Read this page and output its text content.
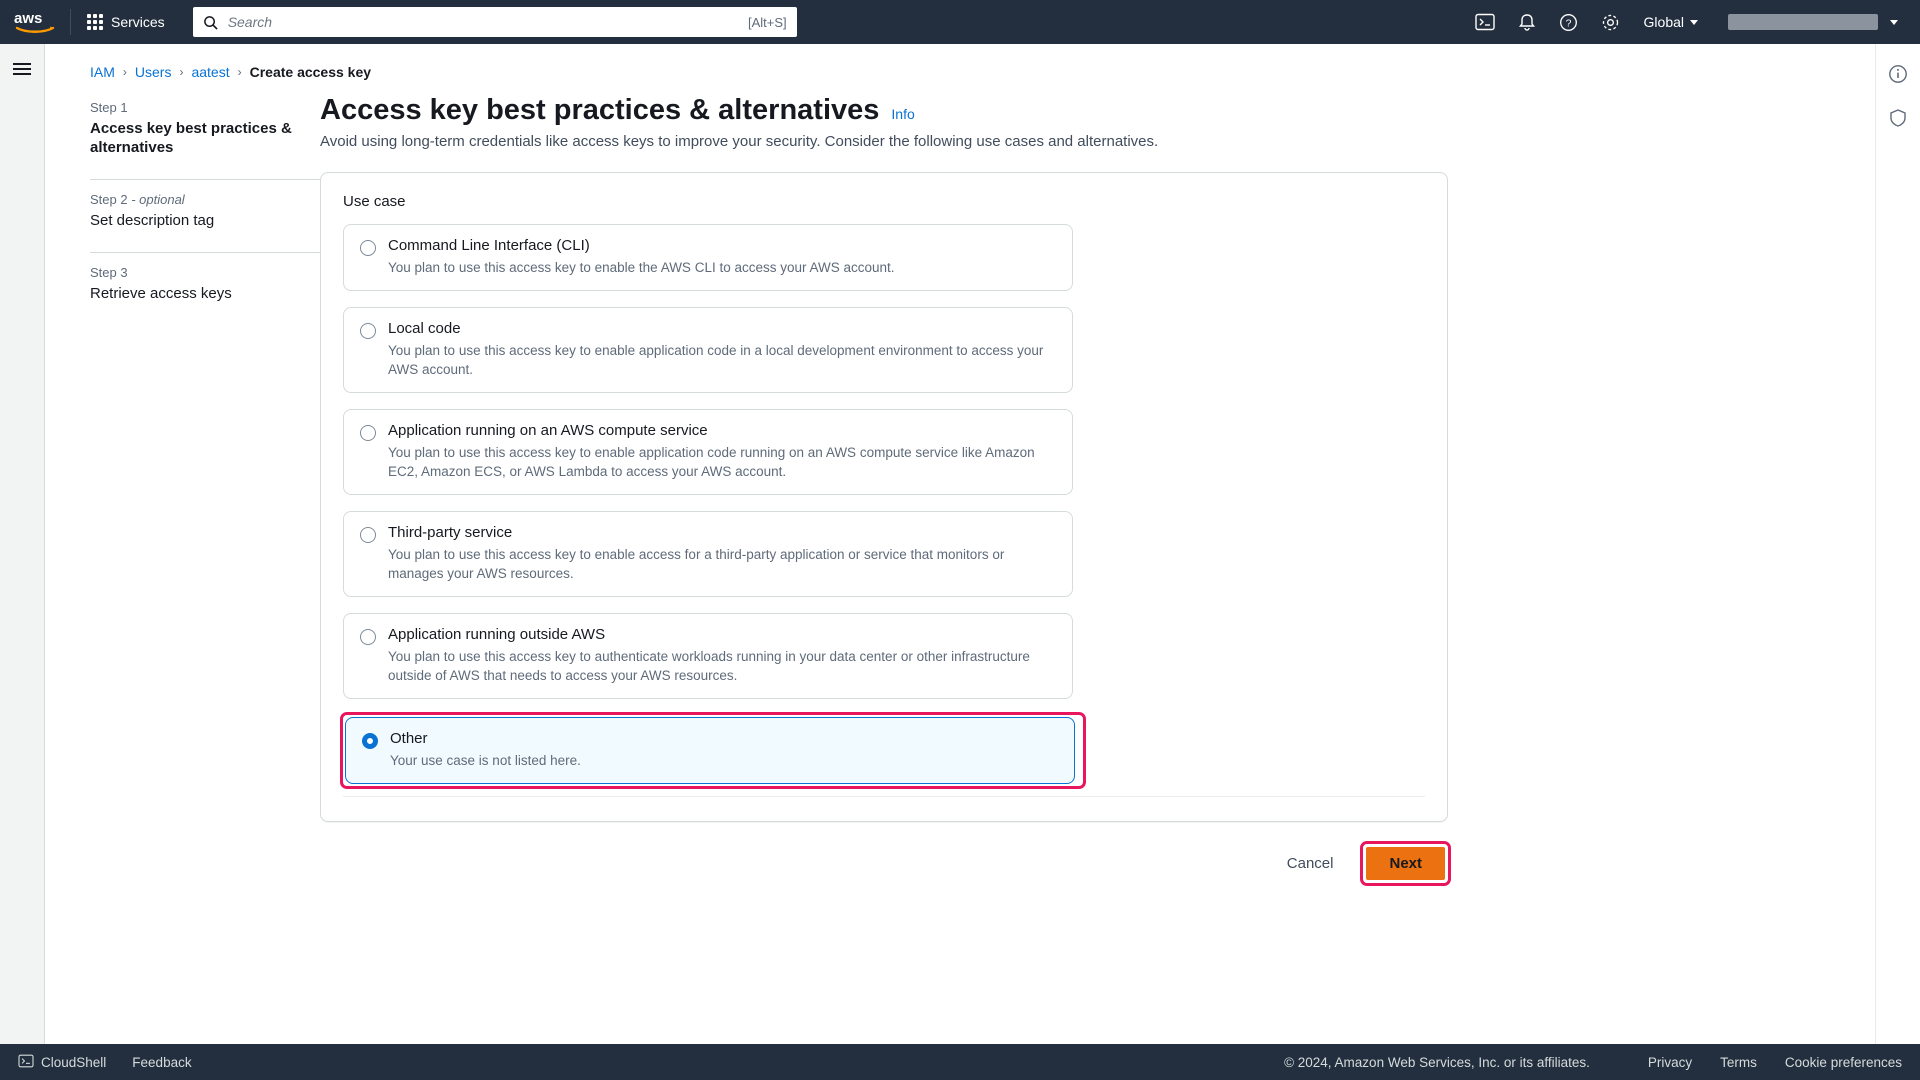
aws	Services
Search	[Alt+S]	?	Global
IAM › Users › aatest › Create access key
Step 1
Access key best practices & alternatives
Step 2 - optional
Set description tag
Step 3
Retrieve access keys
Access key best practices & alternatives Info

Avoid using long-term credentials like access keys to improve your security. Consider the following use cases and alternatives.

Use case
Command Line Interface (CLI)
You plan to use this access key to enable the AWS CLI to access your AWS account.
Local code
You plan to use this access key to enable application code in a local development environment to access your AWS account.
Application running on an AWS compute service
You plan to use this access key to enable application code running on an AWS compute service like Amazon EC2, Amazon ECS, or AWS Lambda to access your AWS account.
Third-party service
You plan to use this access key to enable access for a third-party application or service that monitors or manages your AWS resources.
Application running outside AWS
You plan to use this access key to authenticate workloads running in your data center or other infrastructure outside of AWS that needs to access your AWS resources.
Other
Your use case is not listed here.
Cancel	Next
CloudShell Feedback	© 2024, Amazon Web Services, Inc. or its affiliates.	Privacy Terms Cookie preferences
